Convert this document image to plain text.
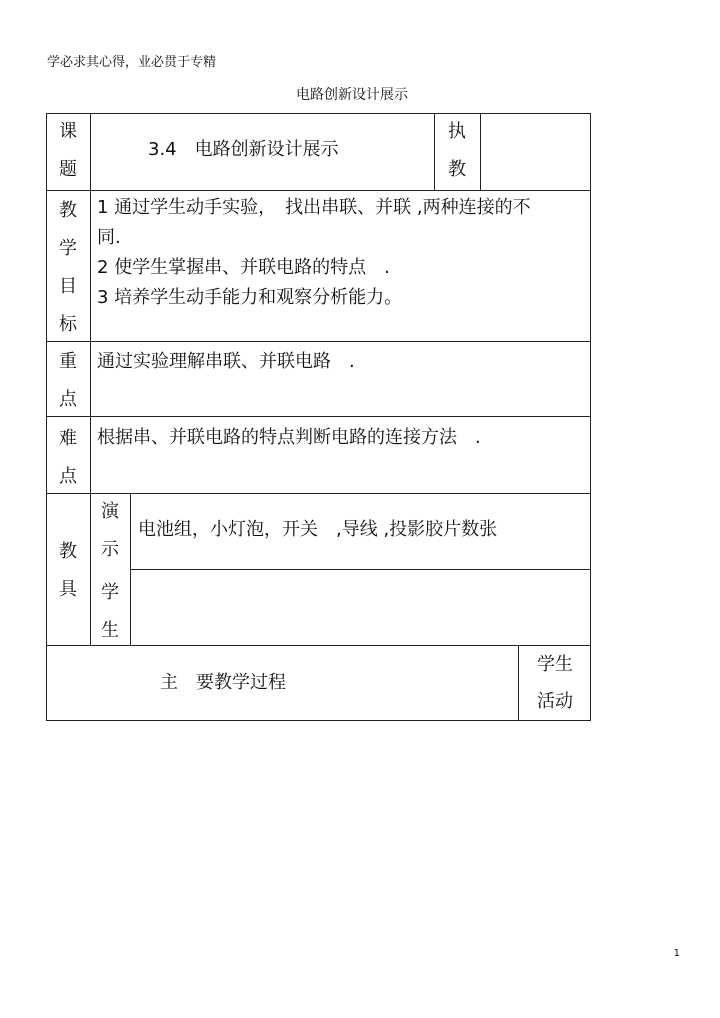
学必求其心得，业必贯于专精
电路创新设计展示
课
题
3.4　电路创新设计展示
执
教
教
学
目
标
1 通过学生动手实验，　找出串联、并联 ,两种连接的不
同.
2 使学生掌握串、并联电路的特点　.
3 培养学生动手能力和观察分析能力。
重
点
通过实验理解串联、并联电路　.
难
点
根据串、并联电路的特点判断电路的连接方法　.
教
具
演
示
电池组，小灯泡，开关　,导线 ,投影胶片数张
学
生
主　要教学过程
学生
活动
1
